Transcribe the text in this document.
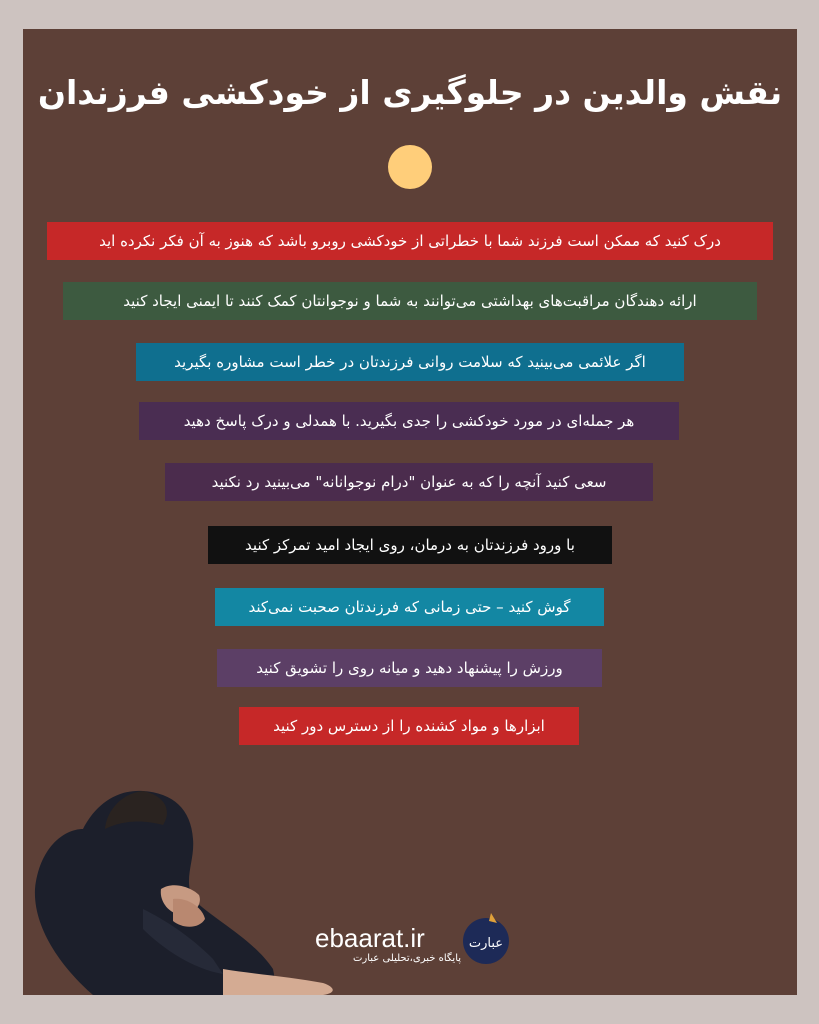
نقش والدین در جلوگیری از خودکشی فرزندان
درک کنید که ممکن است فرزند شما با خطراتی از خودکشی روبرو باشد که هنوز به آن فکر نکرده اید
ارائه دهندگان مراقبت‌های بهداشتی می‌توانند به شما و نوجوانتان کمک کنند تا ایمنی ایجاد کنید
اگر علائمی می‌بینید که سلامت روانی فرزندتان در خطر است مشاوره بگیرید
هر جمله‌ای در مورد خودکشی را جدی بگیرید. با همدلی و درک پاسخ دهید
سعی کنید آنچه را که به عنوان "درام نوجوانانه" می‌بینید رد نکنید
با ورود فرزندتان به درمان، روی ایجاد امید تمرکز کنید
گوش کنید – حتی زمانی که فرزندتان صحبت نمی‌کند
ورزش را پیشنهاد دهید و میانه روی را تشویق کنید
ابزارها و مواد کشنده را از دسترس دور کنید
ebaarat.ir
پایگاه خبری،تحلیلی عبارت
عبارت
